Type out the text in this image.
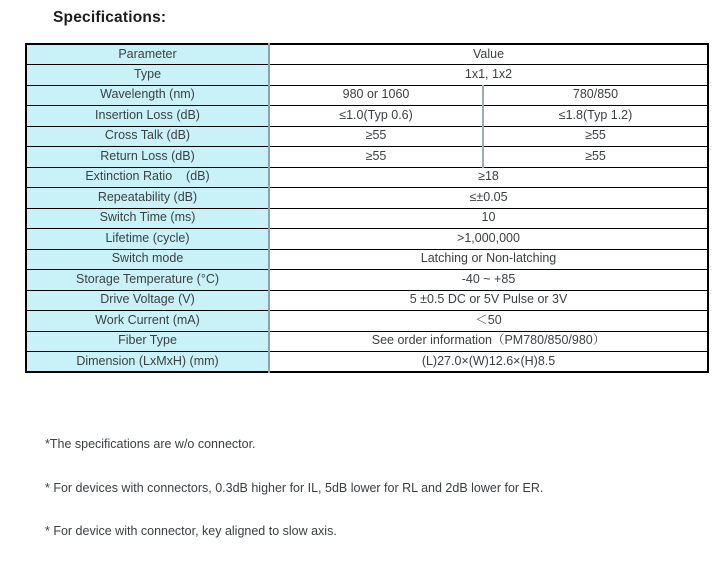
Specifications:
Parameter	Value	
Type	1x1, 1x2	
Wavelength (nm)	980 or 1060	780/850
Insertion Loss (dB)	≤1.0(Typ 0.6)	≤1.8(Typ 1.2)
Cross Talk (dB)	≥55	≥55
Return Loss (dB)	≥55	≥55
Extinction Ratio    (dB)	≥18	
Repeatability (dB)	≤±0.05	
Switch Time (ms)	10	
Lifetime (cycle)	>1,000,000	
Switch mode	Latching or Non-latching	
Storage Temperature (°C)	-40 ~ +85	
Drive Voltage (V)	5 ±0.5 DC or 5V Pulse or 3V	
Work Current (mA)	＜50	
Fiber Type	See order information（PM780/850/980）	
Dimension (LxMxH) (mm)	(L)27.0×(W)12.6×(H)8.5	

*The specifications are w/o connector.

* For devices with connectors, 0.3dB higher for IL, 5dB lower for RL and 2dB lower for ER.

* For device with connector, key aligned to slow axis.
